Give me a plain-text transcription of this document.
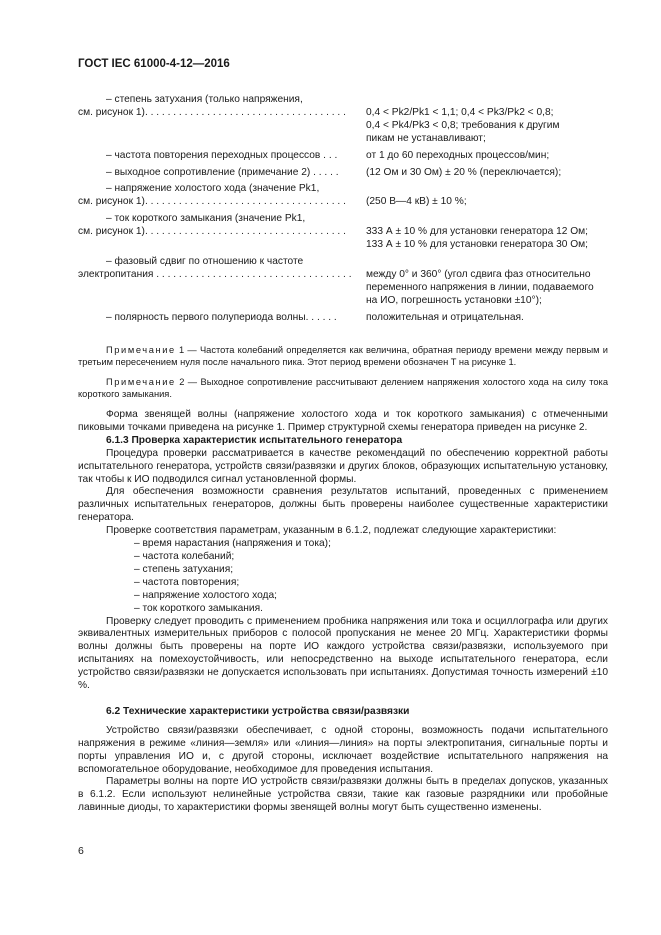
ГОСТ IEC 61000-4-12—2016
– степень затухания (только напряжения,
см. рисунок 1). . . . . . . . . . . . . . . . . . . . . . . . . . . . . . . . . . . . 0,4 < Pk2/Pk1 < 1,1; 0,4 < Pk3/Pk2 < 0,8;
0,4 < Pk4/Pk3 < 0,8; требования к другим
пикам не устанавливают;
– частота повторения переходных процессов . . .	от 1 до 60 переходных процессов/мин;
– выходное сопротивление (примечание 2) . . . . .	(12 Ом и 30 Ом) ± 20 % (переключается);
– напряжение холостого хода (значение Pk1,
см. рисунок 1). . . . . . . . . . . . . . . . . . . . . . . . . . . . . . . . . . . . (250 В—4 кВ) ± 10 %;
– ток короткого замыкания (значение Pk1,
см. рисунок 1). . . . . . . . . . . . . . . . . . . . . . . . . . . . . . . . . . . . 333 А ± 10 % для установки генератора 12 Ом;
133 А ± 10 % для установки генератора 30 Ом;
– фазовый сдвиг по отношению к частоте
электропитания . . . . . . . . . . . . . . . . . . . . . . . . . . . . . . . . . . . между 0° и 360° (угол сдвига фаз относительно
переменного напряжения в линии, подаваемого
на ИО, погрешность установки ±10°);
– полярность первого полупериода волны. . . . . .	положительная и отрицательная.
Примечание 1 — Частота колебаний определяется как величина, обратная периоду времени между первым и третьим пересечением нуля после начального пика. Этот период времени обозначен T на рисунке 1.
Примечание 2 — Выходное сопротивление рассчитывают делением напряжения холостого хода на силу тока короткого замыкания.

Форма звенящей волны (напряжение холостого хода и ток короткого замыкания) с отмеченными пиковыми точками приведена на рисунке 1. Пример структурной схемы генератора приведен на рисунке 2.

6.1.3 Проверка характеристик испытательного генератора

Процедура проверки рассматривается в качестве рекомендаций по обеспечению корректной работы испытательного генератора, устройств связи/развязки и других блоков, образующих испытательную установку, так чтобы к ИО подводился сигнал установленной формы.

Для обеспечения возможности сравнения результатов испытаний, проведенных с применением различных испытательных генераторов, должны быть проверены наиболее существенные характеристики генератора.

Проверке соответствия параметрам, указанным в 6.1.2, подлежат следующие характеристики:

– время нарастания (напряжения и тока);

– частота колебаний;

– степень затухания;

– частота повторения;

– напряжение холостого хода;

– ток короткого замыкания.

Проверку следует проводить с применением пробника напряжения или тока и осциллографа или других эквивалентных измерительных приборов с полосой пропускания не менее 20 МГц. Характеристики формы волны должны быть проверены на порте ИО каждого устройства связи/развязки, используемого при испытаниях на помехоустойчивость, или непосредственно на выходе испытательного генератора, если устройство связи/развязки не допускается использовать при испытаниях. Допустимая точность измерений ±10 %.

6.2 Технические характеристики устройства связи/развязки

Устройство связи/развязки обеспечивает, с одной стороны, возможность подачи испытательного напряжения в режиме «линия—земля» или «линия—линия» на порты электропитания, сигнальные порты и порты управления ИО и, с другой стороны, исключает воздействие испытательного напряжения на вспомогательное оборудование, необходимое для проведения испытания.

Параметры волны на порте ИО устройств связи/развязки должны быть в пределах допусков, указанных в 6.1.2. Если используют нелинейные устройства связи, такие как газовые разрядники или пробойные лавинные диоды, то характеристики формы звенящей волны могут быть существенно изменены.

6
